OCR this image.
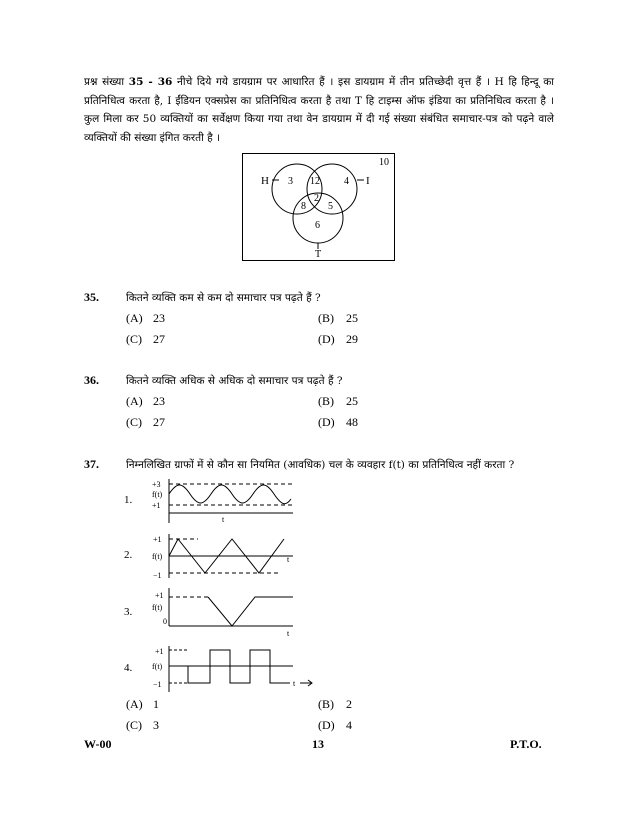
प्रश्न संख्या 35 - 36 नीचे दिये गये डायग्राम पर आधारित हैं । इस डायग्राम में तीन प्रतिच्छेदी वृत्त हैं । H हि हिन्दू का प्रतिनिधित्व करता है, I ईंडियन एक्सप्रेस का प्रतिनिधित्व करता है तथा T हि टाइम्स ऑफ इंडिया का प्रतिनिधित्व करता है । कुल मिला कर 50 व्यक्तियों का सर्वेक्षण किया गया तथा वेन डायग्राम में दी गई संख्या संबंधित समाचार-पत्र को पढ़ने वाले व्यक्तियों की संख्या इंगित करती है ।
10
H	I
T
3 12 4
2
8 5
6
35.	कितने व्यक्ति कम से कम दो समाचार पत्र पढ़ते हैं ?
(A) 23	(B) 25
(C) 27	(D) 29
36.	कितने व्यक्ति अधिक से अधिक दो समाचार पत्र पढ़ते हैं ?
(A) 23	(B) 25
(C) 27	(D) 48
37.	निम्नलिखित ग्राफों में से कौन सा नियमित (आवधिक) चल के व्यवहार f(t) का प्रतिनिधित्व नहीं करता ?
1.
+3
f(t)
+1
t
2.
+1
f(t)
−1
t
3.
+1
f(t)
0
t
4.
+1
f(t)
−1	t
(A) 1	(B) 2
(C) 3	(D) 4
W-00	13	P.T.O.
